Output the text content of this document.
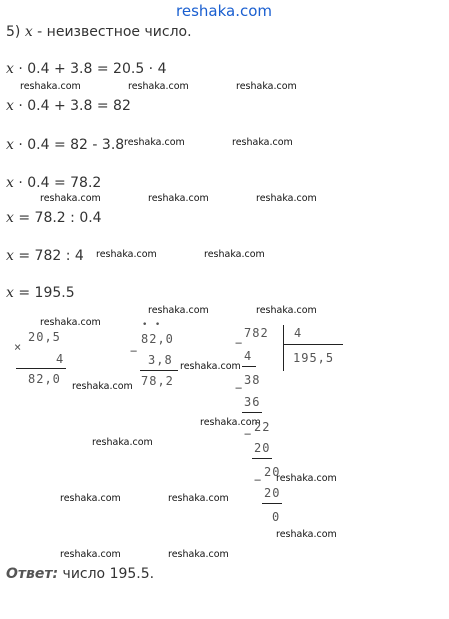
reshaka.com
5) x - неизвестное число.
x · 0.4 + 3.8 = 20.5 · 4
x · 0.4 + 3.8 = 82
x · 0.4 = 82 - 3.8
x · 0.4 = 78.2
x = 78.2 : 0.4
x = 782 : 4
x = 195.5
reshaka.com	reshaka.com	reshaka.com
reshaka.com	reshaka.com
reshaka.com	reshaka.com	reshaka.com
reshaka.com	reshaka.com
reshaka.com	reshaka.com
reshaka.com
reshaka.com
reshaka.com
reshaka.com
reshaka.com
reshaka.com
reshaka.com	reshaka.com
reshaka.com
reshaka.com	reshaka.com
×
20,5
4
82,0
• •
−
82,0
3,8
78,2
−
782 4
195,5
4
−
38
36
− 22
20
−
20
20
0
Ответ: число 195.5.
